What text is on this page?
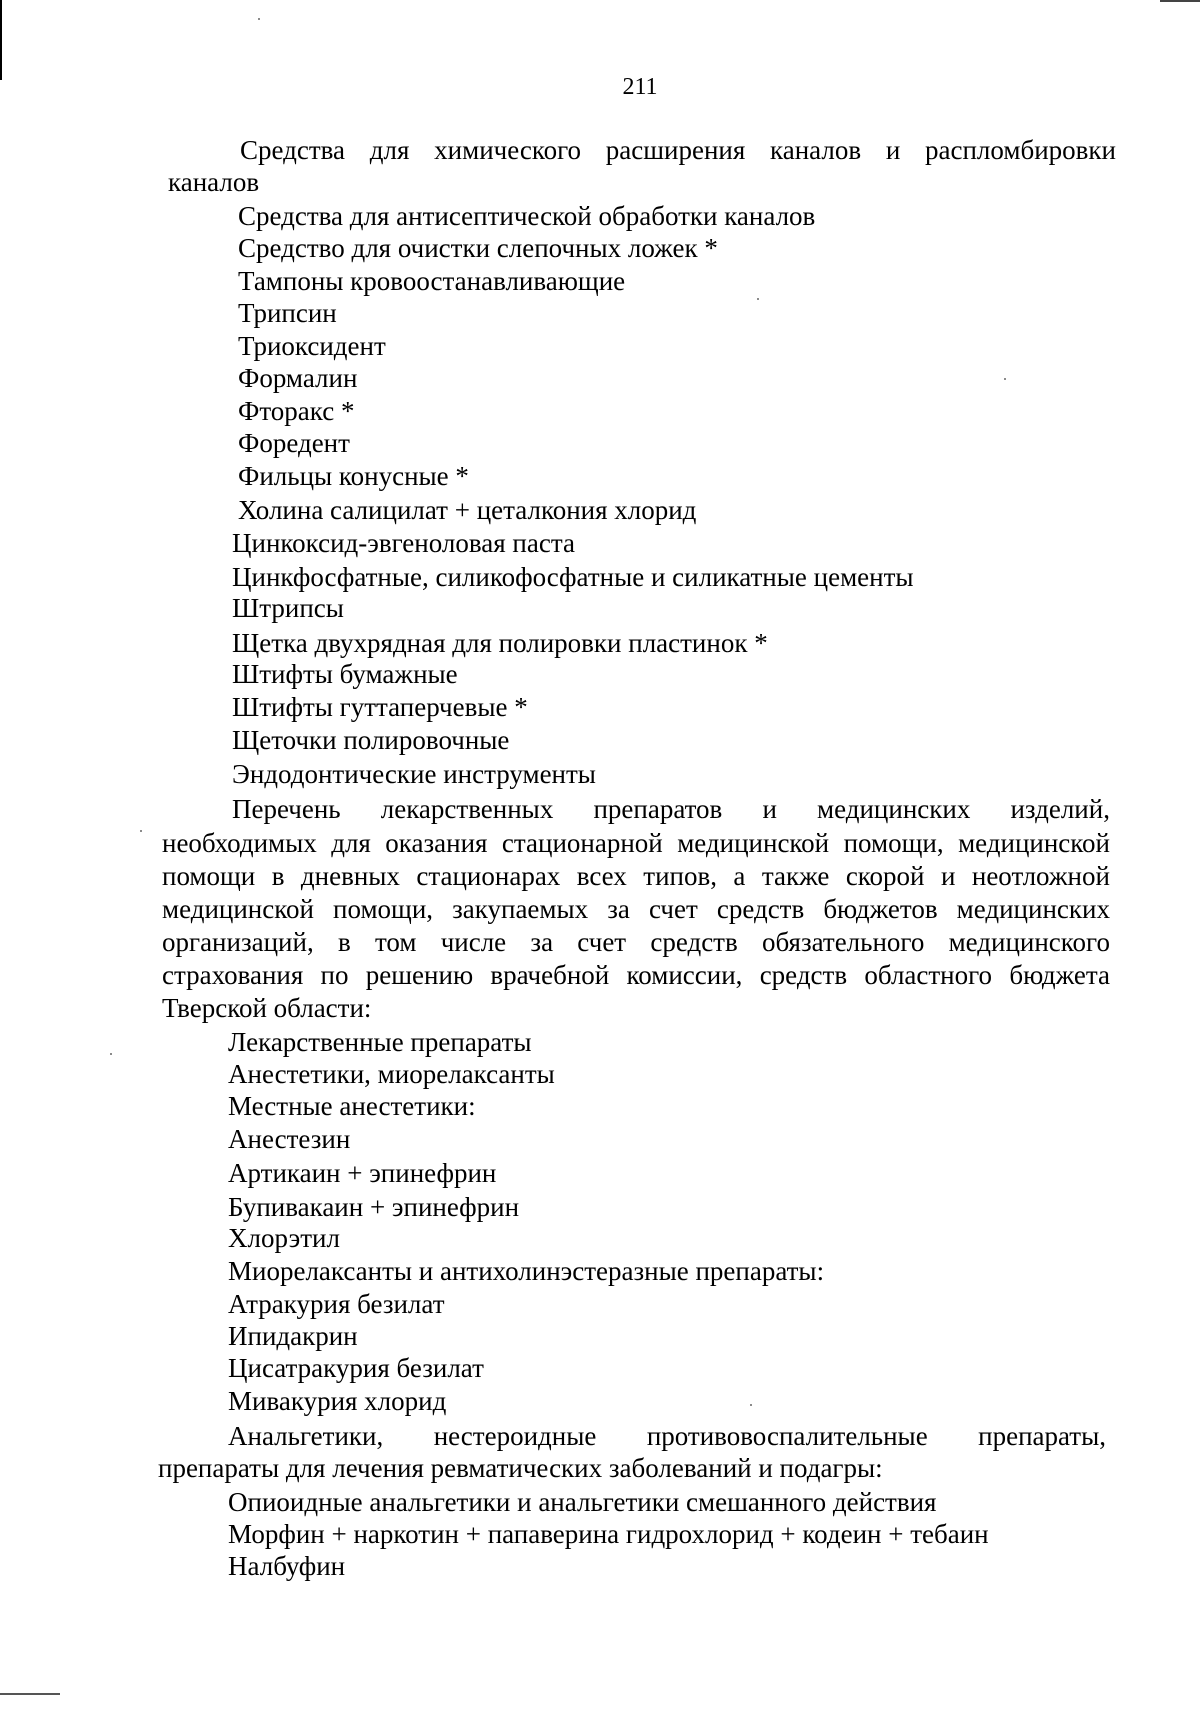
211
Средства для химического расширения каналов и распломбировки
каналов
Средства для антисептической обработки каналов
Средство для очистки слепочных ложек *
Тампоны кровоостанавливающие
Трипсин
Триоксидент
Формалин
Фторакс *
Форедент
Фильцы конусные *
Холина салицилат + цеталкония хлорид
Цинкоксид-эвгеноловая паста
Цинкфосфатные, силикофосфатные и силикатные цементы
Штрипсы
Щетка двухрядная для полировки пластинок *
Штифты бумажные
Штифты гуттаперчевые *
Щеточки полировочные
Эндодонтические инструменты
Перечень лекарственных препаратов и медицинских изделий,
необходимых для оказания стационарной медицинской помощи, медицинской
помощи в дневных стационарах всех типов, а также скорой и неотложной
медицинской помощи, закупаемых за счет средств бюджетов медицинских
организаций, в том числе за счет средств обязательного медицинского
страхования по решению врачебной комиссии, средств областного бюджета
Тверской области:
Лекарственные препараты
Анестетики, миорелаксанты
Местные анестетики:
Анестезин
Артикаин + эпинефрин
Бупивакаин + эпинефрин
Хлорэтил
Миорелаксанты и антихолинэстеразные препараты:
Атракурия безилат
Ипидакрин
Цисатракурия безилат
Мивакурия хлорид
Анальгетики, нестероидные противовоспалительные препараты,
препараты для лечения ревматических заболеваний и подагры:
Опиоидные анальгетики и анальгетики смешанного действия
Морфин + наркотин + папаверина гидрохлорид + кодеин + тебаин
Налбуфин
